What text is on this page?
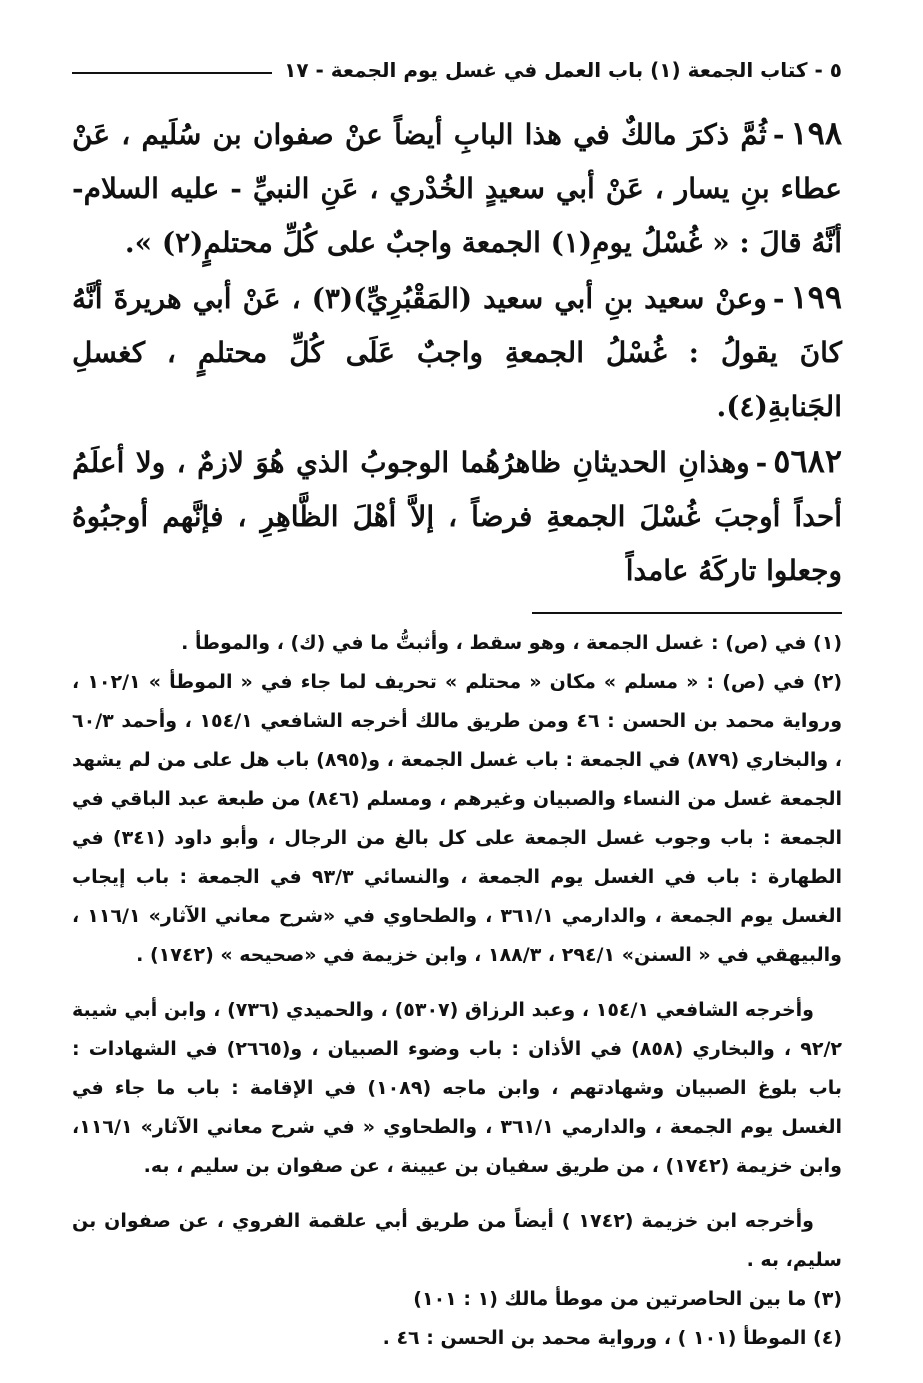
٥ - كتاب الجمعة (١) باب العمل في غسل يوم الجمعة - ١٧

١٩٨-ثُمَّ ذكرَ مالكٌ في هذا البابِ أيضاً عنْ صفوان بن سُلَيم ، عَنْ عطاء بنِ يسار ، عَنْ أبي سعيدٍ الخُدْري ، عَنِ النبيِّ - عليه السلام- أنَّهُ قالَ : « غُسْلُ يومِ(١) الجمعة واجبٌ على كُلِّ محتلمٍ(٢) ».

١٩٩-وعنْ سعيد بنِ أبي سعيد (المَقْبُرِيِّ)(٣) ، عَنْ أبي هريرةَ أنَّهُ كانَ يقولُ : غُسْلُ الجمعةِ واجبٌ عَلَى كُلِّ محتلمٍ ، كغسلِ الجَنابةِ(٤).

٥٦٨٢-وهذانِ الحديثانِ ظاهرُهُما الوجوبُ الذي هُوَ لازمٌ ، ولا أعلَمُ أحداً أوجبَ غُسْلَ الجمعةِ فرضاً ، إلاَّ أهْلَ الظَّاهِرِ ، فإنَّهم أوجبُوهُ وجعلوا تاركَهُ عامداً

(١) في (ص) : غسل الجمعة ، وهو سقط ، وأثبتُّ ما في (ك) ، والموطأ .

(٢) في (ص) : « مسلم » مكان « محتلم » تحريف لما جاء في « الموطأ » ١٠٢/١ ، ورواية محمد بن الحسن : ٤٦ ومن طريق مالك أخرجه الشافعي ١٥٤/١ ، وأحمد ٦٠/٣ ، والبخاري (٨٧٩) في الجمعة : باب غسل الجمعة ، و(٨٩٥) باب هل على من لم يشهد الجمعة غسل من النساء والصبيان وغيرهم ، ومسلم (٨٤٦) من طبعة عبد الباقي في الجمعة : باب وجوب غسل الجمعة على كل بالغ من الرجال ، وأبو داود (٣٤١) في الطهارة : باب في الغسل يوم الجمعة ، والنسائي ٩٣/٣ في الجمعة : باب إيجاب الغسل يوم الجمعة ، والدارمي ٣٦١/١ ، والطحاوي في «شرح معاني الآثار» ١١٦/١ ، والبيهقي في « السنن» ٢٩٤/١ ، ١٨٨/٣ ، وابن خزيمة في «صحيحه » (١٧٤٢) .

وأخرجه الشافعي ١٥٤/١ ، وعبد الرزاق (٥٣٠٧) ، والحميدي (٧٣٦) ، وابن أبي شيبة ٩٢/٢ ، والبخاري (٨٥٨) في الأذان : باب وضوء الصبيان ، و(٢٦٦٥) في الشهادات : باب بلوغ الصبيان وشهادتهم ، وابن ماجه (١٠٨٩) في الإقامة : باب ما جاء في الغسل يوم الجمعة ، والدارمي ٣٦١/١ ، والطحاوي « في شرح معاني الآثار» ١١٦/١، وابن خزيمة (١٧٤٢) ، من طريق سفيان بن عيينة ، عن صفوان بن سليم ، به.

وأخرجه ابن خزيمة (١٧٤٢ ) أيضاً من طريق أبي علقمة الفروي ، عن صفوان بن سليم، به .

(٣) ما بين الحاصرتين من موطأ مالك (١ : ١٠١)

(٤) الموطأ (١٠١ ) ، ورواية محمد بن الحسن : ٤٦ .
